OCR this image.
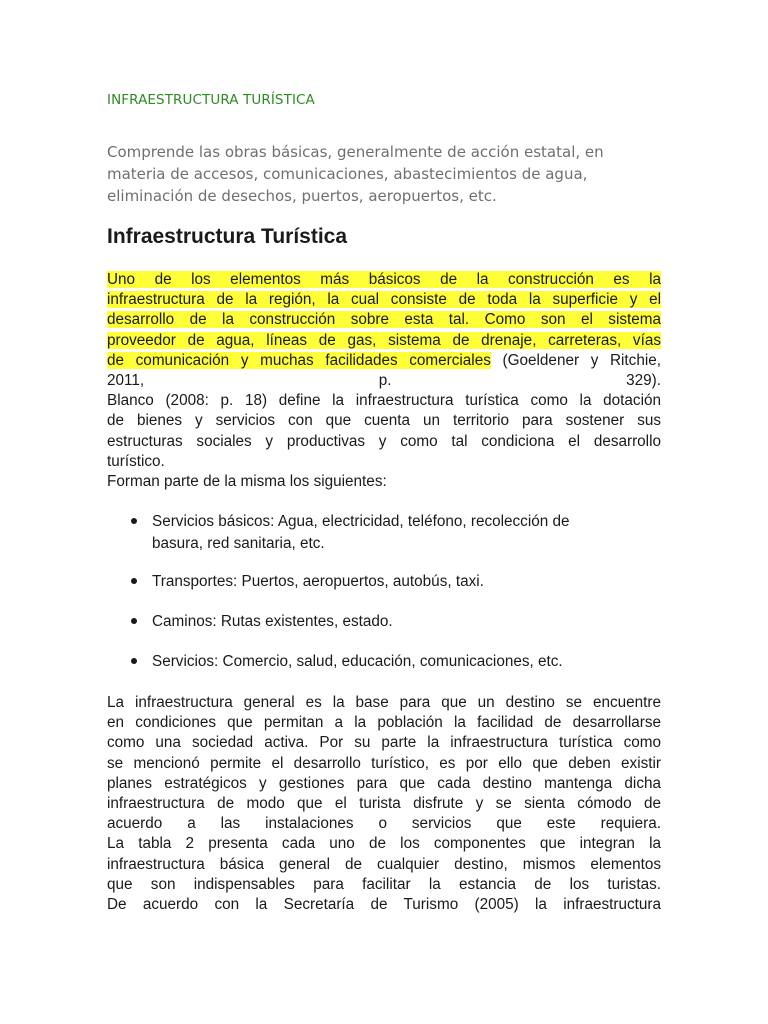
INFRAESTRUCTURA TURÍSTICA
Comprende las obras básicas, generalmente de acción estatal, en
materia de accesos, comunicaciones, abastecimientos de agua,
eliminación de desechos, puertos, aeropuertos, etc.
Infraestructura Turística

Uno de los elementos más básicos de la construcción es la

infraestructura de la región, la cual consiste de toda la superficie y el

desarrollo de la construcción sobre esta tal. Como son el sistema

proveedor de agua, líneas de gas, sistema de drenaje, carreteras, vías

de comunicación y muchas facilidades comerciales (Goeldener y Ritchie,

2011,	p.	329).

Blanco (2008: p. 18) define la infraestructura turística como la dotación

de bienes y servicios con que cuenta un territorio para sostener sus

estructuras sociales y productivas y como tal condiciona el desarrollo

turístico.

Forman parte de la misma los siguientes:

Servicios básicos: Agua, electricidad, teléfono, recolección de
basura, red sanitaria, etc.
Transportes: Puertos, aeropuertos, autobús, taxi.
Caminos: Rutas existentes, estado.
Servicios: Comercio, salud, educación, comunicaciones, etc.

La infraestructura general es la base para que un destino se encuentre

en condiciones que permitan a la población la facilidad de desarrollarse

como una sociedad activa. Por su parte la infraestructura turística como

se mencionó permite el desarrollo turístico, es por ello que deben existir

planes estratégicos y gestiones para que cada destino mantenga dicha

infraestructura de modo que el turista disfrute y se sienta cómodo de

acuerdo a las instalaciones o servicios que este requiera.

La tabla 2 presenta cada uno de los componentes que integran la

infraestructura básica general de cualquier destino, mismos elementos

que son indispensables para facilitar la estancia de los turistas.

De acuerdo con la Secretaría de Turismo (2005) la infraestructura
